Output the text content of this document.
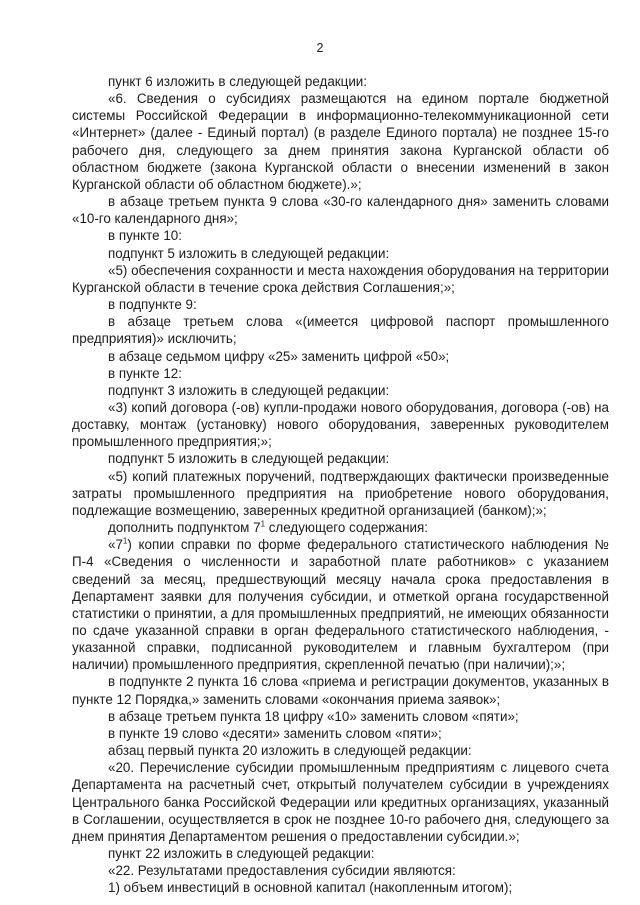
2

пункт 6 изложить в следующей редакции:

«6. Сведения о субсидиях размещаются на едином портале бюджетной системы Российской Федерации в информационно-телекоммуникационной сети «Интернет» (далее - Единый портал) (в разделе Единого портала) не позднее 15-го рабочего дня, следующего за днем принятия закона Курганской области об областном бюджете (закона Курганской области о внесении изменений в закон Курганской области об областном бюджете).»;

в абзаце третьем пункта 9 слова «30-го календарного дня» заменить словами «10-го календарного дня»;

в пункте 10:

подпункт 5 изложить в следующей редакции:

«5) обеспечения сохранности и места нахождения оборудования на территории Курганской области в течение срока действия Соглашения;»;

в подпункте 9:

в абзаце третьем слова «(имеется цифровой паспорт промышленного предприятия)» исключить;

в абзаце седьмом цифру «25» заменить цифрой «50»;

в пункте 12:

подпункт 3 изложить в следующей редакции:

«3) копий договора (-ов) купли-продажи нового оборудования, договора (-ов) на доставку, монтаж (установку) нового оборудования, заверенных руководителем промышленного предприятия;»;

подпункт 5 изложить в следующей редакции:

«5) копий платежных поручений, подтверждающих фактически произведенные затраты промышленного предприятия на приобретение нового оборудования, подлежащие возмещению, заверенных кредитной организацией (банком);»;

дополнить подпунктом $7^1$ следующего содержания:

«$7^1$) копии справки по форме федерального статистического наблюдения № П-4 «Сведения о численности и заработной плате работников» с указанием сведений за месяц, предшествующий месяцу начала срока предоставления в Департамент заявки для получения субсидии, и отметкой органа государственной статистики о принятии, а для промышленных предприятий, не имеющих обязанности по сдаче указанной справки в орган федерального статистического наблюдения, - указанной справки, подписанной руководителем и главным бухгалтером (при наличии) промышленного предприятия, скрепленной печатью (при наличии);»;

в подпункте 2 пункта 16 слова «приема и регистрации документов, указанных в пункте 12 Порядка,» заменить словами «окончания приема заявок»;

в абзаце третьем пункта 18 цифру «10» заменить словом «пяти»;

в пункте 19 слово «десяти» заменить словом «пяти»;

абзац первый пункта 20 изложить в следующей редакции:

«20. Перечисление субсидии промышленным предприятиям с лицевого счета Департамента на расчетный счет, открытый получателем субсидии в учреждениях Центрального банка Российской Федерации или кредитных организациях, указанный в Соглашении, осуществляется в срок не позднее 10-го рабочего дня, следующего за днем принятия Департаментом решения о предоставлении субсидии.»;

пункт 22 изложить в следующей редакции:

«22. Результатами предоставления субсидии являются:

1) объем инвестиций в основной капитал (накопленным итогом);
